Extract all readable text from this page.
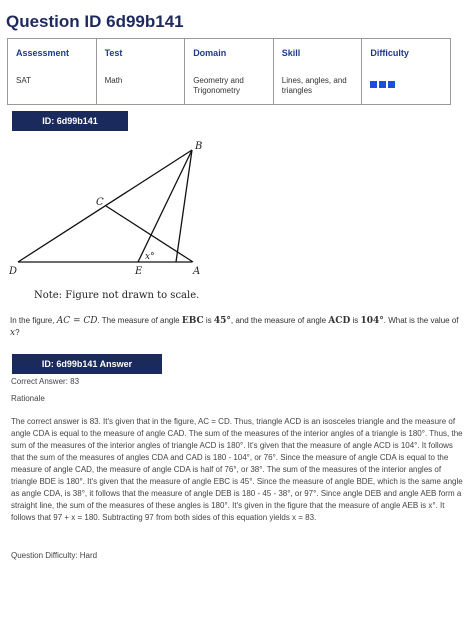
Question ID 6d99b141
Assessment
SAT

Test
Math

Domain
Geometry and Trigonometry

Skill
Lines, angles, and triangles

Difficulty
ID: 6d99b141
B
C
D	E	A
x°
Note: Figure not drawn to scale.
In the figure, AC = CD. The measure of angle EBC is 45°, and the measure of angle ACD is 104°. What is the value of x?
ID: 6d99b141 Answer
Correct Answer: 83
Rationale
The correct answer is 83. It's given that in the figure, AC = CD. Thus, triangle ACD is an isosceles triangle and the measure of angle CDA is equal to the measure of angle CAD. The sum of the measures of the interior angles of a triangle is 180°. Thus, the sum of the measures of the interior angles of triangle ACD is 180°. It's given that the measure of angle ACD is 104°. It follows that the sum of the measures of angles CDA and CAD is 180 - 104°, or 76°. Since the measure of angle CDA is equal to the measure of angle CAD, the measure of angle CDA is half of 76°, or 38°. The sum of the measures of the interior angles of triangle BDE is 180°. It's given that the measure of angle EBC is 45°. Since the measure of angle BDE, which is the same angle as angle CDA, is 38°, it follows that the measure of angle DEB is 180 - 45 - 38°, or 97°. Since angle DEB and angle AEB form a straight line, the sum of the measures of these angles is 180°. It's given in the figure that the measure of angle AEB is x°. It follows that 97 + x = 180. Subtracting 97 from both sides of this equation yields x = 83.
Question Difficulty: Hard
